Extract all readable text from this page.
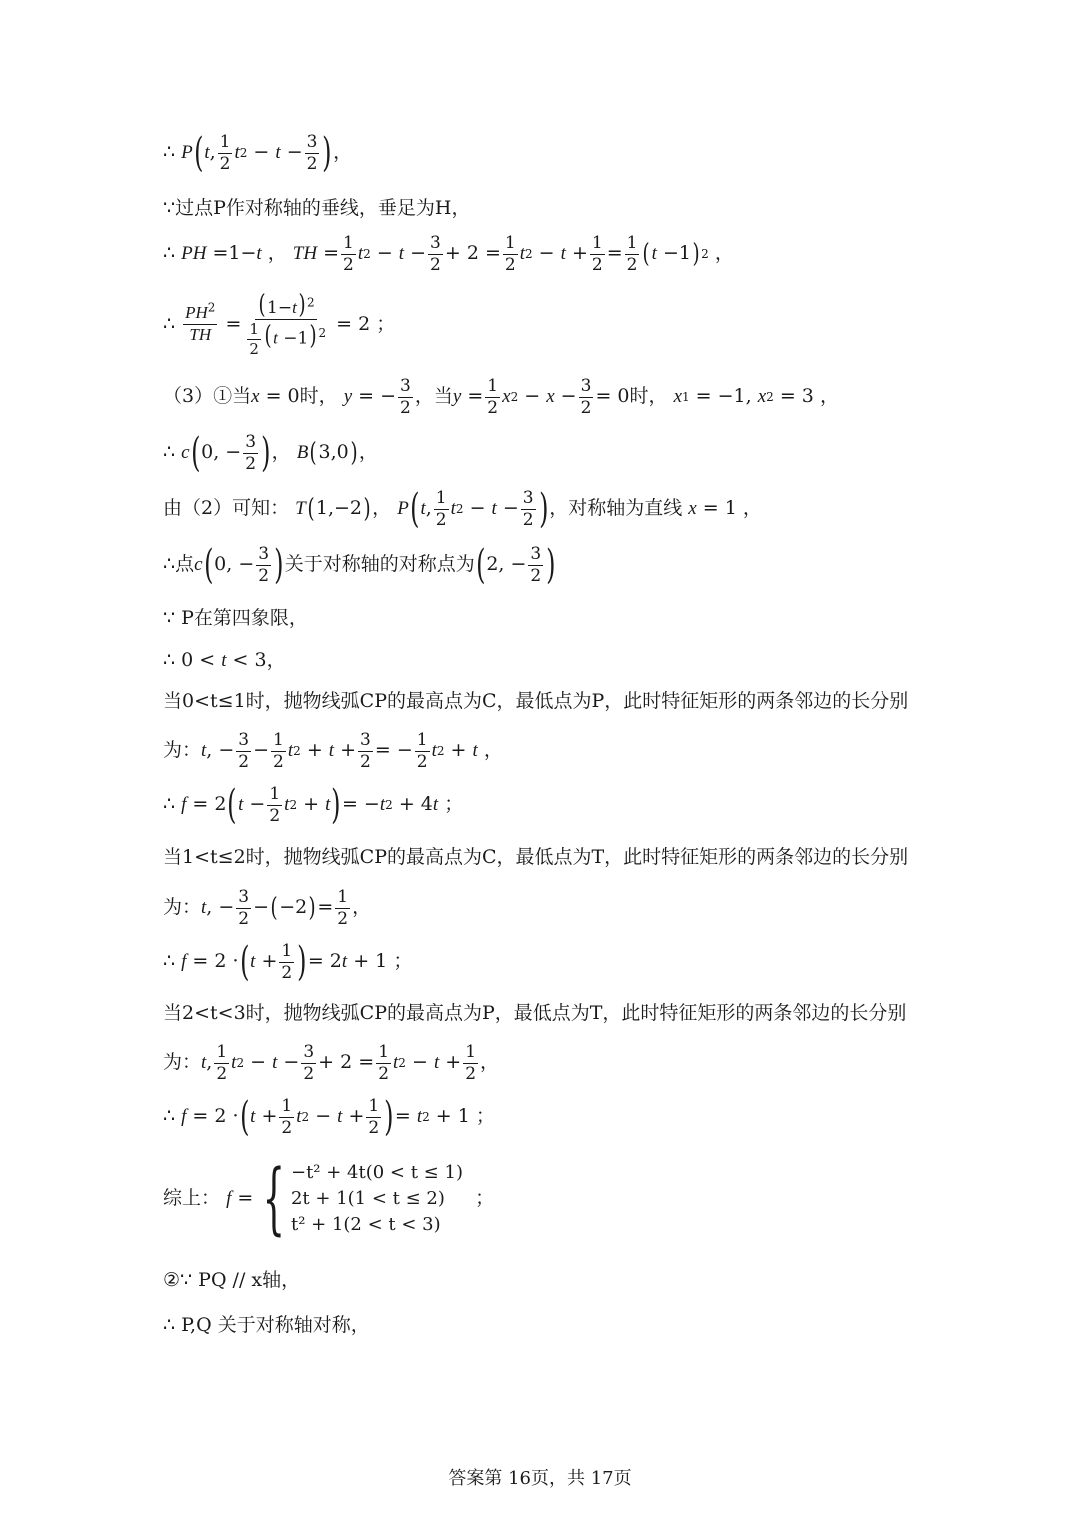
∴ P ( t , $\frac{1}{2}$ t $2 - t - \frac{3}{2}$ ) ，
∵ 过点P作对称轴的垂线，垂足为H，
∴ PH =1− t
，
TH = $\frac{1}{2}$ t $2 - t - \frac{3}{2} + 2 = \frac{1}{2}$ t $2 - t + \frac{1}{2} = \frac{1}{2}$ ( t −1 ) 2
，
∴ $\frac{PH^2}{TH} = \frac{(1-t) ^2}{\frac{1}{2} (t -1) ^2} = 2$ ；
（3）①当 x = 0 时，
y = − $\frac{3}{2}$ ，当 $y = \frac{1}{2}$ x $2 - x - \frac{3}{2} = 0$ 时，
x 1 = −1, x 2 = 3 ，
∴ c ( 0, − $\frac{3}{2}$ ) ，
B ( 3,0 ) ，
由（2）可知：
T ( 1,−2 ) ，
P ( t , $\frac{1}{2}$ t $2 - t - \frac{3}{2}$ ) ， 对称轴为直线 x = 1 ，
∴ 点 c ( 0, − $\frac{3}{2}$ ) 关于对称轴的对称点为 ( 2, − $\frac{3}{2}$ )
∵ P在第四象限，
∴ 0 < t < 3 ，
当0<t≤1时，抛物线弧CP的最高点为C，最低点为P，此时特征矩形的两条邻边的长分别
为： t , − $\frac{3}{2} - \frac{1}{2}$ t $2 + t + \frac{3}{2}$ = − $\frac{1}{2}$ t 2 + t
，
∴ f = 2 ( $t - \frac{1}{2}$ t 2 + t ) = − t 2 + 4 t
；
当1<t≤2时，抛物线弧CP的最高点为C，最低点为T，此时特征矩形的两条邻边的长分别
为： t , − $\frac{3}{2}$ − ( −2 ) = $\frac{1}{2}$ ，
∴ f = 2 · ( $t + \frac{1}{2}$ ) = 2 t + 1 ；
当2<t<3时，抛物线弧CP的最高点为P，最低点为T，此时特征矩形的两条邻边的长分别
为： t , $\frac{1}{2}$ t $2 - t - \frac{3}{2} + 2 = \frac{1}{2}$ t $2 - t + \frac{1}{2}$ ，
∴ f = 2 · ( $t + \frac{1}{2}$ t $2 - t + \frac{1}{2}$ ) = t 2 + 1 ；
综上：
f = { −t² + 4t(0 < t ≤ 1)
2t + 1(1 < t ≤ 2)
t² + 1(2 < t < 3)

；
②∵ PQ // x轴，
∴ P,Q 关于对称轴对称，
答案第 16页，共 17页
